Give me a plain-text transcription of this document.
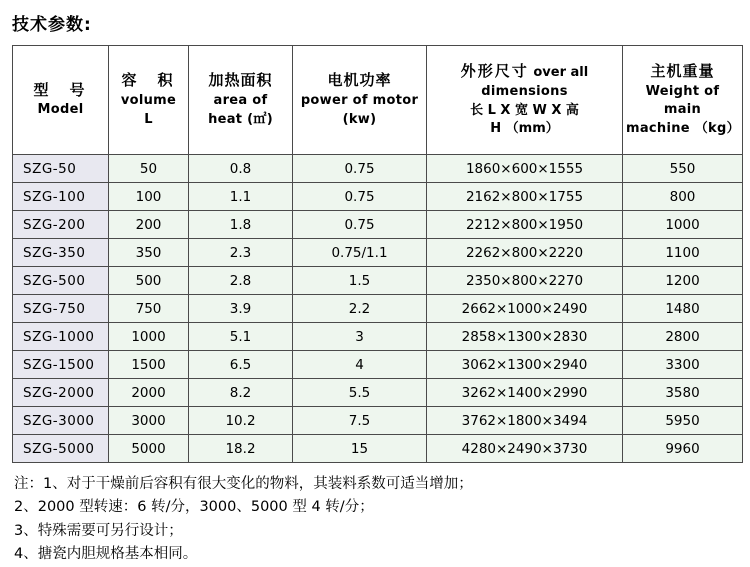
技术参数:
型　号
Model	容　积
volume
L	加热面积
area of
heat (㎡)	电机功率
power of motor
(kw)	外形尺寸 over all
dimensions
长 L X 宽 W X 高
H （mm）	主机重量
Weight of main
machine （kg）

SZG-50	50	0.8	0.75	1860×600×1555	550
SZG-100	100	1.1	0.75	2162×800×1755	800
SZG-200	200	1.8	0.75	2212×800×1950	1000
SZG-350	350	2.3	0.75/1.1	2262×800×2220	1100
SZG-500	500	2.8	1.5	2350×800×2270	1200
SZG-750	750	3.9	2.2	2662×1000×2490	1480
SZG-1000	1000	5.1	3	2858×1300×2830	2800
SZG-1500	1500	6.5	4	3062×1300×2940	3300
SZG-2000	2000	8.2	5.5	3262×1400×2990	3580
SZG-3000	3000	10.2	7.5	3762×1800×3494	5950
SZG-5000	5000	18.2	15	4280×2490×3730	9960
注：1、对于干燥前后容积有很大变化的物料，其装料系数可适当增加；
2、2000 型转速：6 转/分，3000、5000 型 4 转/分；
3、特殊需要可另行设计；
4、搪瓷内胆规格基本相同。
